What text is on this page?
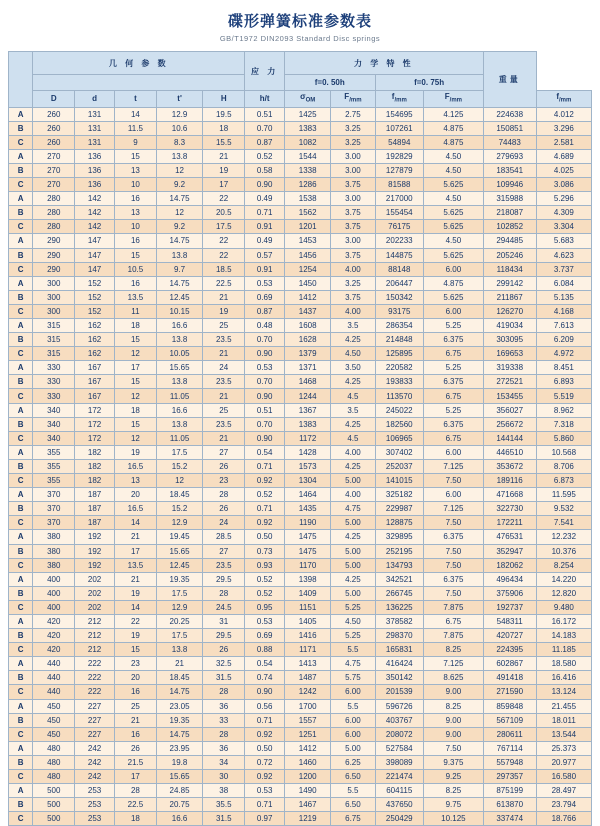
碟形弹簧标准参数表
GB/T1972 DIN2093 Standard Disc springs
	几 何 参 数					应 力	力 学 特 性				重量	
							f=0. 50h		f=0. 75h			
	D	d	t	t'	H	h/t	$\sigma_{OM}$	$F_{/mm}$	$f_{/mm}$	$F_{/mm}$		$f_{/mm}$
A	260	131	14	12.9	19.5	0.51	1425	2.75	154695	4.125	224638	4.012
B	260	131	11.5	10.6	18	0.70	1383	3.25	107261	4.875	150851	3.296
C	260	131	9	8.3	15.5	0.87	1082	3.25	54894	4.875	74483	2.581
A	270	136	15	13.8	21	0.52	1544	3.00	192829	4.50	279693	4.689
B	270	136	13	12	19	0.58	1338	3.00	127879	4.50	183541	4.025
C	270	136	10	9.2	17	0.90	1286	3.75	81588	5.625	109946	3.086
A	280	142	16	14.75	22	0.49	1538	3.00	217000	4.50	315988	5.296
B	280	142	13	12	20.5	0.71	1562	3.75	155454	5.625	218087	4.309
C	280	142	10	9.2	17.5	0.91	1201	3.75	76175	5.625	102852	3.304
A	290	147	16	14.75	22	0.49	1453	3.00	202233	4.50	294485	5.683
B	290	147	15	13.8	22	0.57	1456	3.75	144875	5.625	205246	4.623
C	290	147	10.5	9.7	18.5	0.91	1254	4.00	88148	6.00	118434	3.737
A	300	152	16	14.75	22.5	0.53	1450	3.25	206447	4.875	299142	6.084
B	300	152	13.5	12.45	21	0.69	1412	3.75	150342	5.625	211867	5.135
C	300	152	11	10.15	19	0.87	1437	4.00	93175	6.00	126270	4.168
A	315	162	18	16.6	25	0.48	1608	3.5	286354	5.25	419034	7.613
B	315	162	15	13.8	23.5	0.70	1628	4.25	214848	6.375	303095	6.209
C	315	162	12	10.05	21	0.90	1379	4.50	125895	6.75	169653	4.972
A	330	167	17	15.65	24	0.53	1371	3.50	220582	5.25	319338	8.451
B	330	167	15	13.8	23.5	0.70	1468	4.25	193833	6.375	272521	6.893
C	330	167	12	11.05	21	0.90	1244	4.5	113570	6.75	153455	5.519
A	340	172	18	16.6	25	0.51	1367	3.5	245022	5.25	356027	8.962
B	340	172	15	13.8	23.5	0.70	1383	4.25	182560	6.375	256672	7.318
C	340	172	12	11.05	21	0.90	1172	4.5	106965	6.75	144144	5.860
A	355	182	19	17.5	27	0.54	1428	4.00	307402	6.00	446510	10.568
B	355	182	16.5	15.2	26	0.71	1573	4.25	252037	7.125	353672	8.706
C	355	182	13	12	23	0.92	1304	5.00	141015	7.50	189116	6.873
A	370	187	20	18.45	28	0.52	1464	4.00	325182	6.00	471668	11.595
B	370	187	16.5	15.2	26	0.71	1435	4.75	229987	7.125	322730	9.532
C	370	187	14	12.9	24	0.92	1190	5.00	128875	7.50	172211	7.541
A	380	192	21	19.45	28.5	0.50	1475	4.25	329895	6.375	476531	12.232
B	380	192	17	15.65	27	0.73	1475	5.00	252195	7.50	352947	10.376
C	380	192	13.5	12.45	23.5	0.93	1170	5.00	134793	7.50	182062	8.254
A	400	202	21	19.35	29.5	0.52	1398	4.25	342521	6.375	496434	14.220
B	400	202	19	17.5	28	0.52	1409	5.00	266745	7.50	375906	12.820
C	400	202	14	12.9	24.5	0.95	1151	5.25	136225	7.875	192737	9.480
A	420	212	22	20.25	31	0.53	1405	4.50	378582	6.75	548311	16.172
B	420	212	19	17.5	29.5	0.69	1416	5.25	298370	7.875	420727	14.183
C	420	212	15	13.8	26	0.88	1171	5.5	165831	8.25	224395	11.185
A	440	222	23	21	32.5	0.54	1413	4.75	416424	7.125	602867	18.580
B	440	222	20	18.45	31.5	0.74	1487	5.75	350142	8.625	491418	16.416
C	440	222	16	14.75	28	0.90	1242	6.00	201539	9.00	271590	13.124
A	450	227	25	23.05	36	0.56	1700	5.5	596726	8.25	859848	21.455
B	450	227	21	19.35	33	0.71	1557	6.00	403767	9.00	567109	18.011
C	450	227	16	14.75	28	0.92	1251	6.00	208072	9.00	280611	13.544
A	480	242	26	23.95	36	0.50	1412	5.00	527584	7.50	767114	25.373
B	480	242	21.5	19.8	34	0.72	1460	6.25	398089	9.375	557948	20.977
C	480	242	17	15.65	30	0.92	1200	6.50	221474	9.25	297357	16.580
A	500	253	28	24.85	38	0.53	1490	5.5	604115	8.25	875199	28.497
B	500	253	22.5	20.75	35.5	0.71	1467	6.50	437650	9.75	613870	23.794
C	500	253	18	16.6	31.5	0.97	1219	6.75	250429	10.125	337474	18.766
